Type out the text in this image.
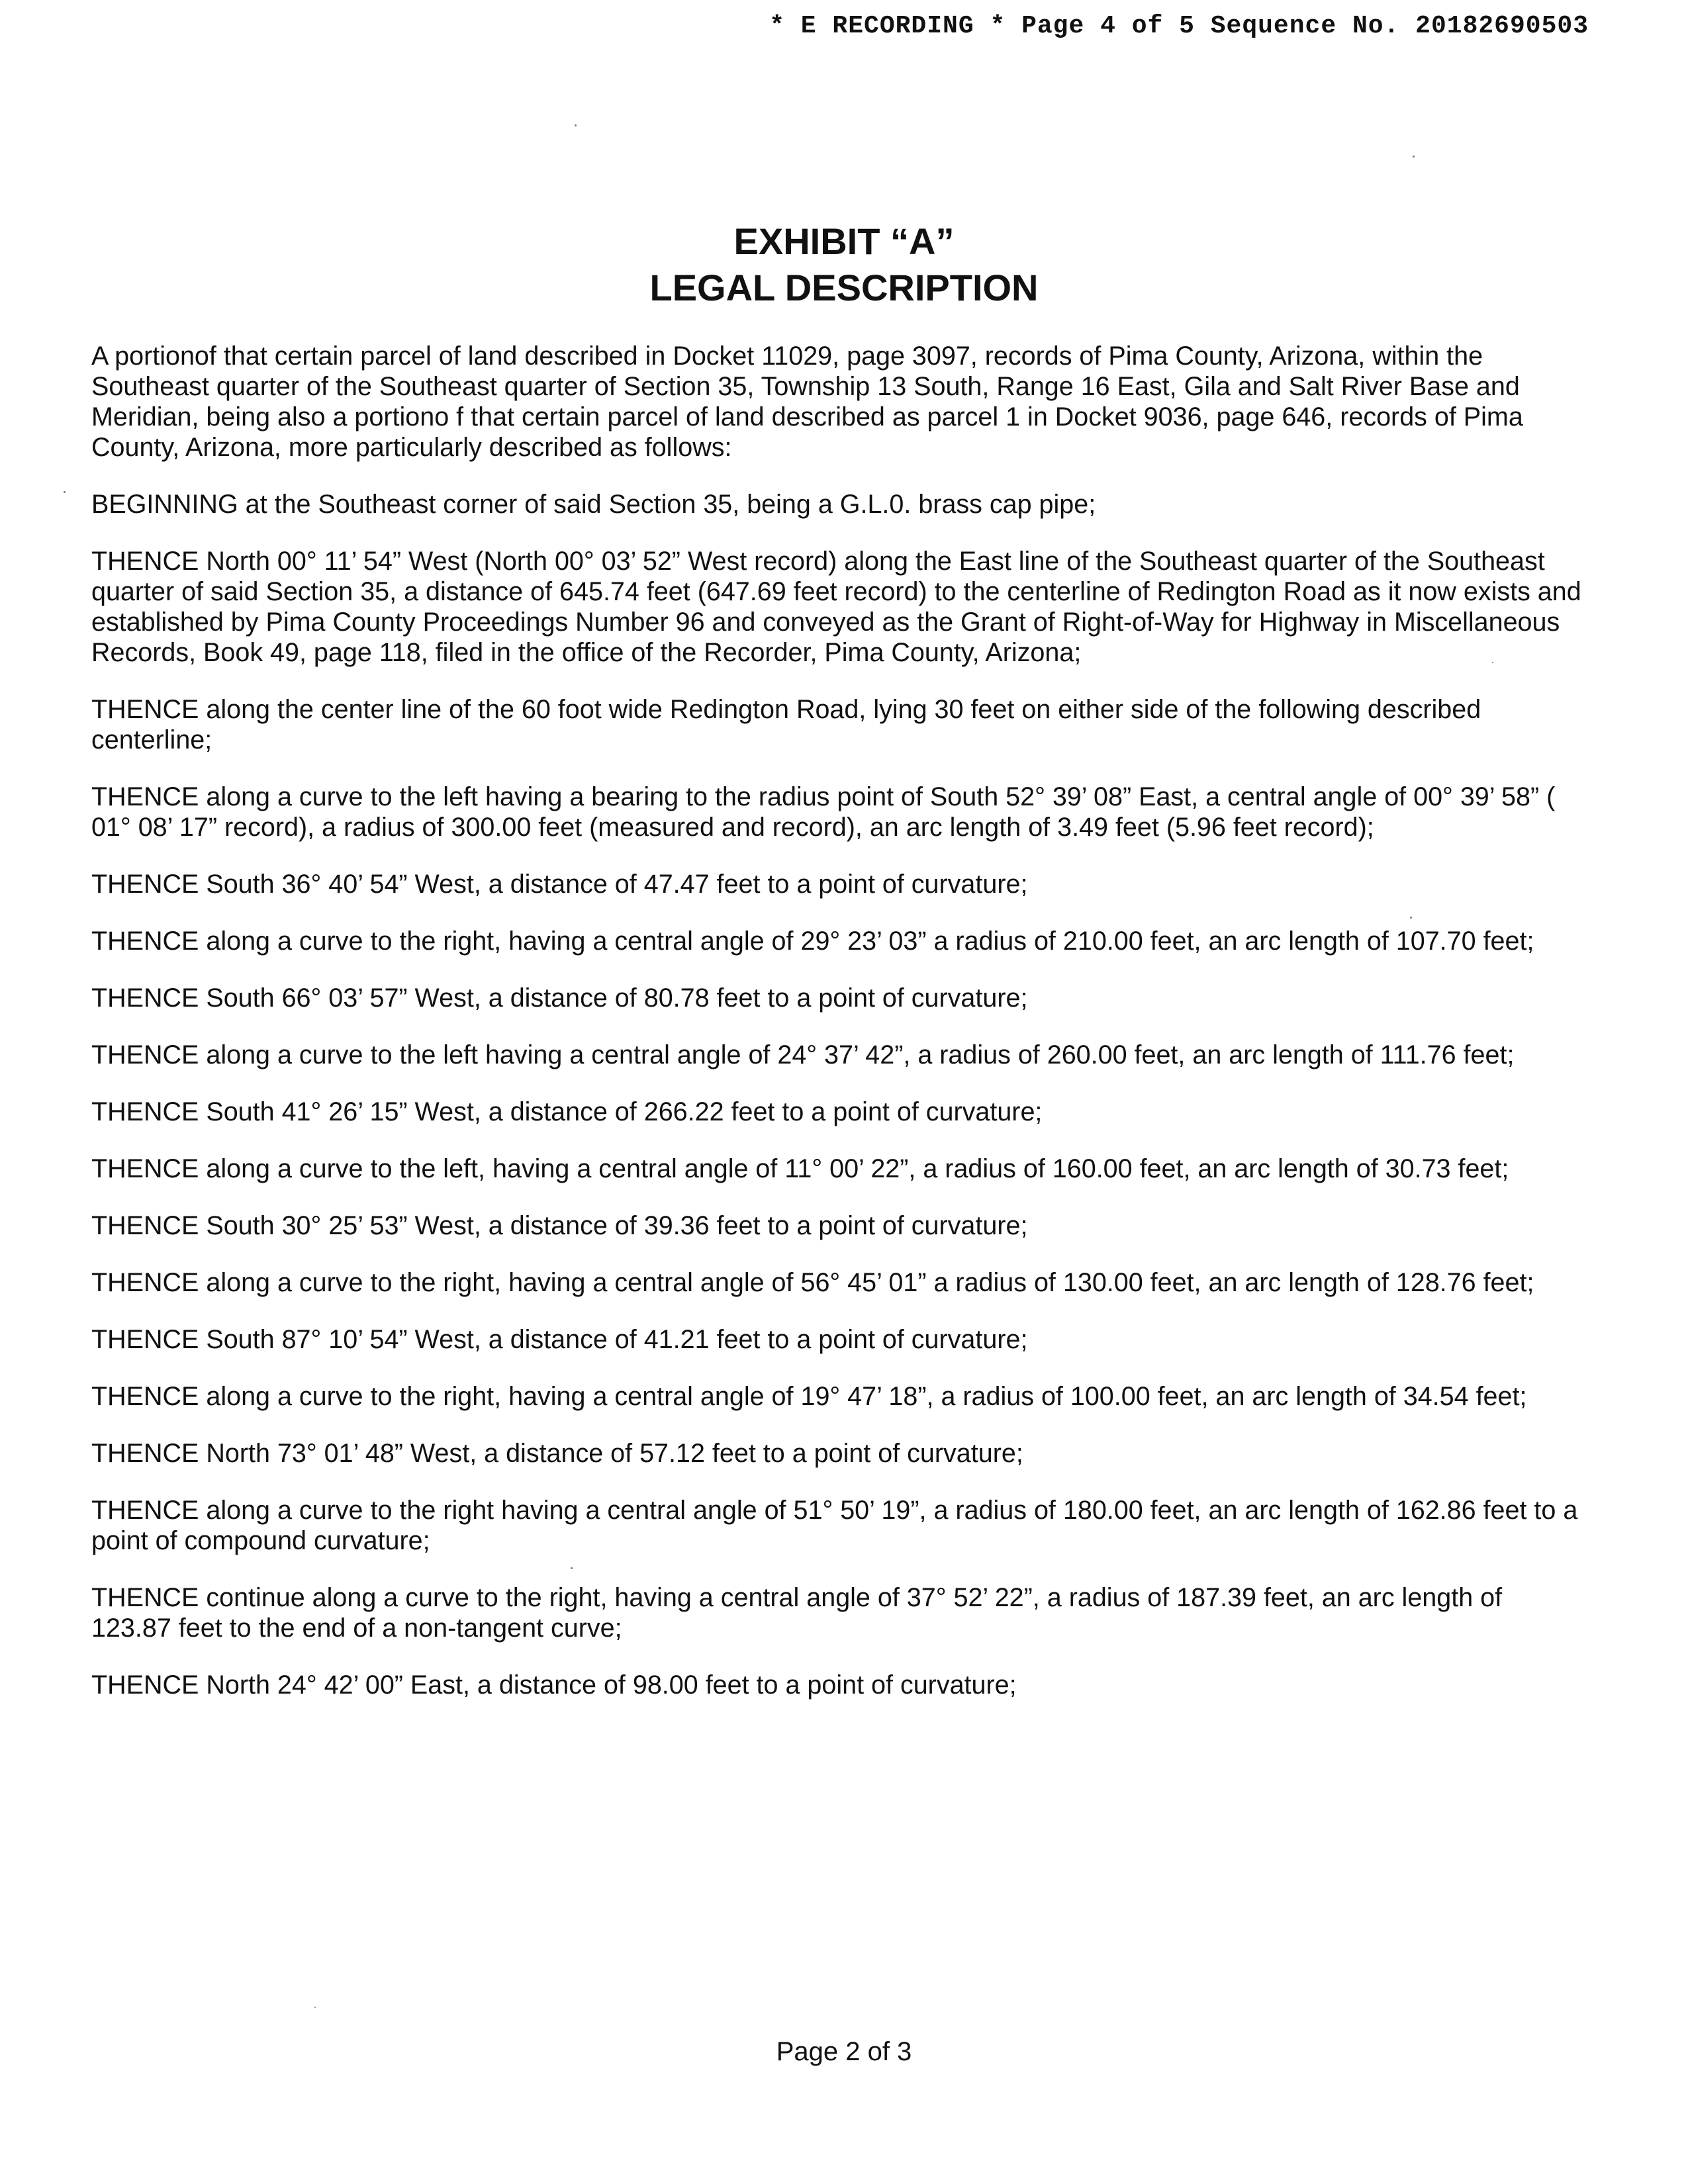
* E RECORDING * Page 4 of 5 Sequence No. 20182690503
EXHIBIT “A”
LEGAL DESCRIPTION

A portionof that certain parcel of land described in Docket 11029, page 3097, records of Pima County, Arizona, within the Southeast quarter of the Southeast quarter of Section 35, Township 13 South, Range 16 East, Gila and Salt River Base and Meridian, being also a portiono f that certain parcel of land described as parcel 1 in Docket 9036, page 646, records of Pima County, Arizona, more particularly described as follows:

BEGINNING at the Southeast corner of said Section 35, being a G.L.0. brass cap pipe;

THENCE North 00° 11’ 54” West (North 00° 03’ 52” West record) along the East line of the Southeast quarter of the Southeast quarter of said Section 35, a distance of 645.74 feet (647.69 feet record) to the centerline of Redington Road as it now exists and established by Pima County Proceedings Number 96 and conveyed as the Grant of Right-of-Way for Highway in Miscellaneous Records, Book 49, page 118, filed in the office of the Recorder, Pima County, Arizona;

THENCE along the center line of the 60 foot wide Redington Road, lying 30 feet on either side of the following described centerline;

THENCE along a curve to the left having a bearing to the radius point of South 52° 39’ 08” East, a central angle of 00° 39’ 58” ( 01° 08’ 17” record), a radius of 300.00 feet (measured and record), an arc length of 3.49 feet (5.96 feet record);

THENCE South 36° 40’ 54” West, a distance of 47.47 feet to a point of curvature;

THENCE along a curve to the right, having a central angle of 29° 23’ 03” a radius of 210.00 feet, an arc length of 107.70 feet;

THENCE South 66° 03’ 57” West, a distance of 80.78 feet to a point of curvature;

THENCE along a curve to the left having a central angle of 24° 37’ 42”, a radius of 260.00 feet, an arc length of 111.76 feet;

THENCE South 41° 26’ 15” West, a distance of 266.22 feet to a point of curvature;

THENCE along a curve to the left, having a central angle of 11° 00’ 22”, a radius of 160.00 feet, an arc length of 30.73 feet;

THENCE South 30° 25’ 53” West, a distance of 39.36 feet to a point of curvature;

THENCE along a curve to the right, having a central angle of 56° 45’ 01” a radius of 130.00 feet, an arc length of 128.76 feet;

THENCE South 87° 10’ 54” West, a distance of 41.21 feet to a point of curvature;

THENCE along a curve to the right, having a central angle of 19° 47’ 18”, a radius of 100.00 feet, an arc length of 34.54 feet;

THENCE North 73° 01’ 48” West, a distance of 57.12 feet to a point of curvature;

THENCE along a curve to the right having a central angle of 51° 50’ 19”, a radius of 180.00 feet, an arc length of 162.86 feet to a point of compound curvature;

THENCE continue along a curve to the right, having a central angle of 37° 52’ 22”, a radius of 187.39 feet, an arc length of 123.87 feet to the end of a non-tangent curve;

THENCE North 24° 42’ 00” East, a distance of 98.00 feet to a point of curvature;

Page 2 of 3
